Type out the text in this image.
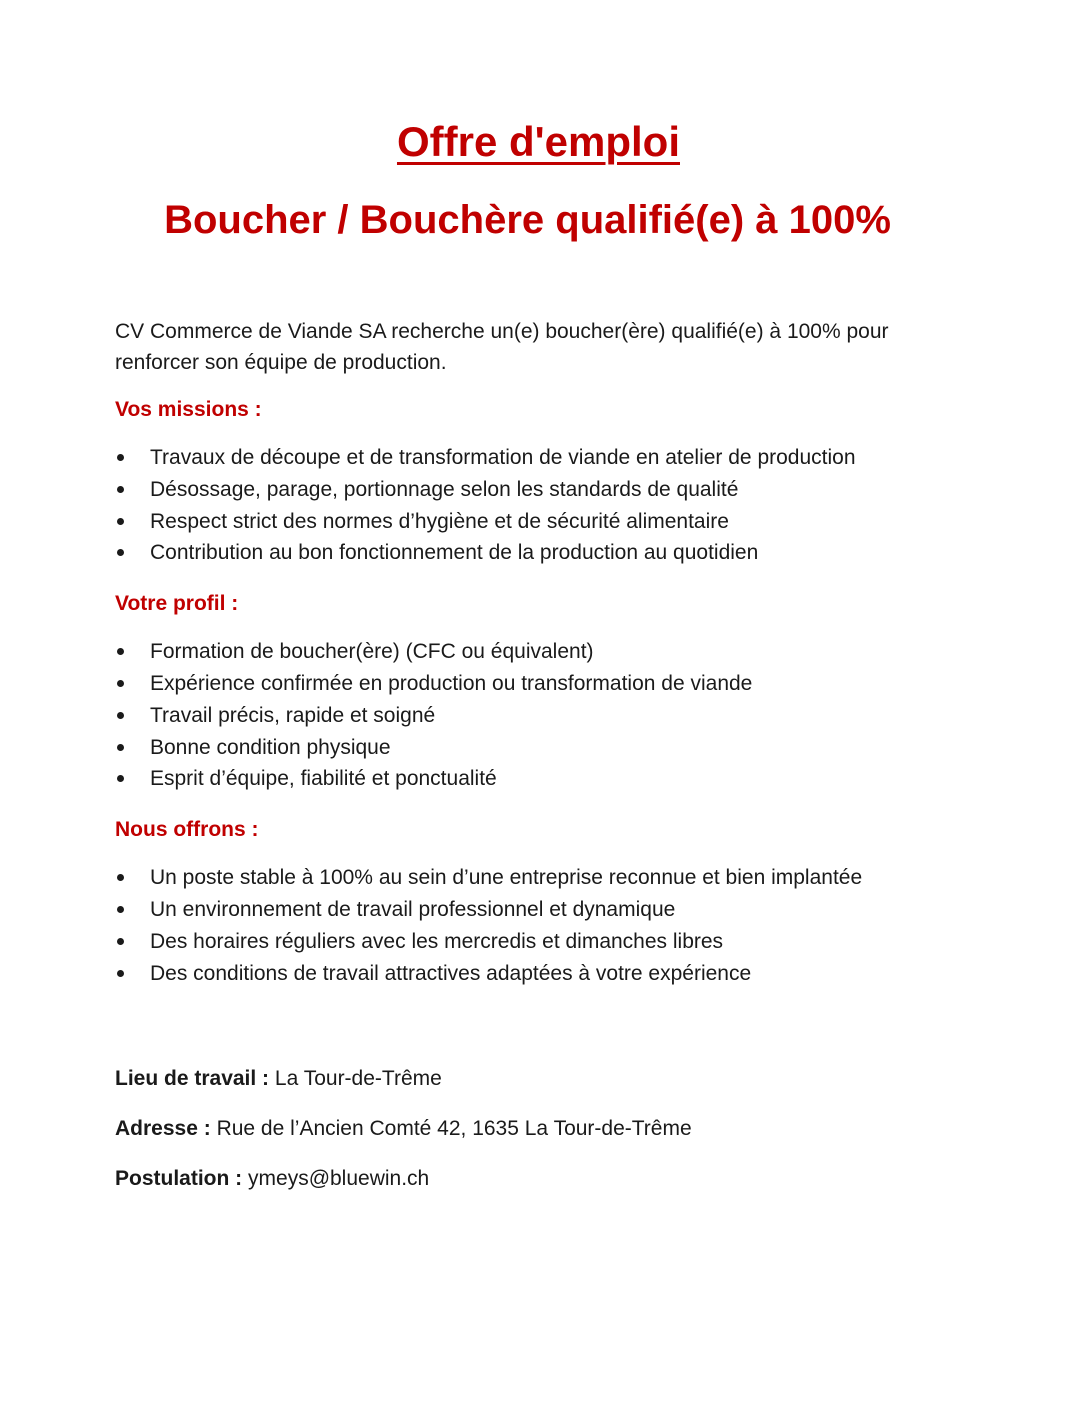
Offre d'emploi
Boucher / Bouchère qualifié(e) à 100%

CV Commerce de Viande SA recherche un(e) boucher(ère) qualifié(e) à 100% pour renforcer son équipe de production.

Vos missions :
Travaux de découpe et de transformation de viande en atelier de production
Désossage, parage, portionnage selon les standards de qualité
Respect strict des normes d’hygiène et de sécurité alimentaire
Contribution au bon fonctionnement de la production au quotidien
Votre profil :
Formation de boucher(ère) (CFC ou équivalent)
Expérience confirmée en production ou transformation de viande
Travail précis, rapide et soigné
Bonne condition physique
Esprit d’équipe, fiabilité et ponctualité
Nous offrons :
Un poste stable à 100% au sein d’une entreprise reconnue et bien implantée
Un environnement de travail professionnel et dynamique
Des horaires réguliers avec les mercredis et dimanches libres
Des conditions de travail attractives adaptées à votre expérience

Lieu de travail : La Tour-de-Trême

Adresse : Rue de l’Ancien Comté 42, 1635 La Tour-de-Trême

Postulation : ymeys@bluewin.ch
